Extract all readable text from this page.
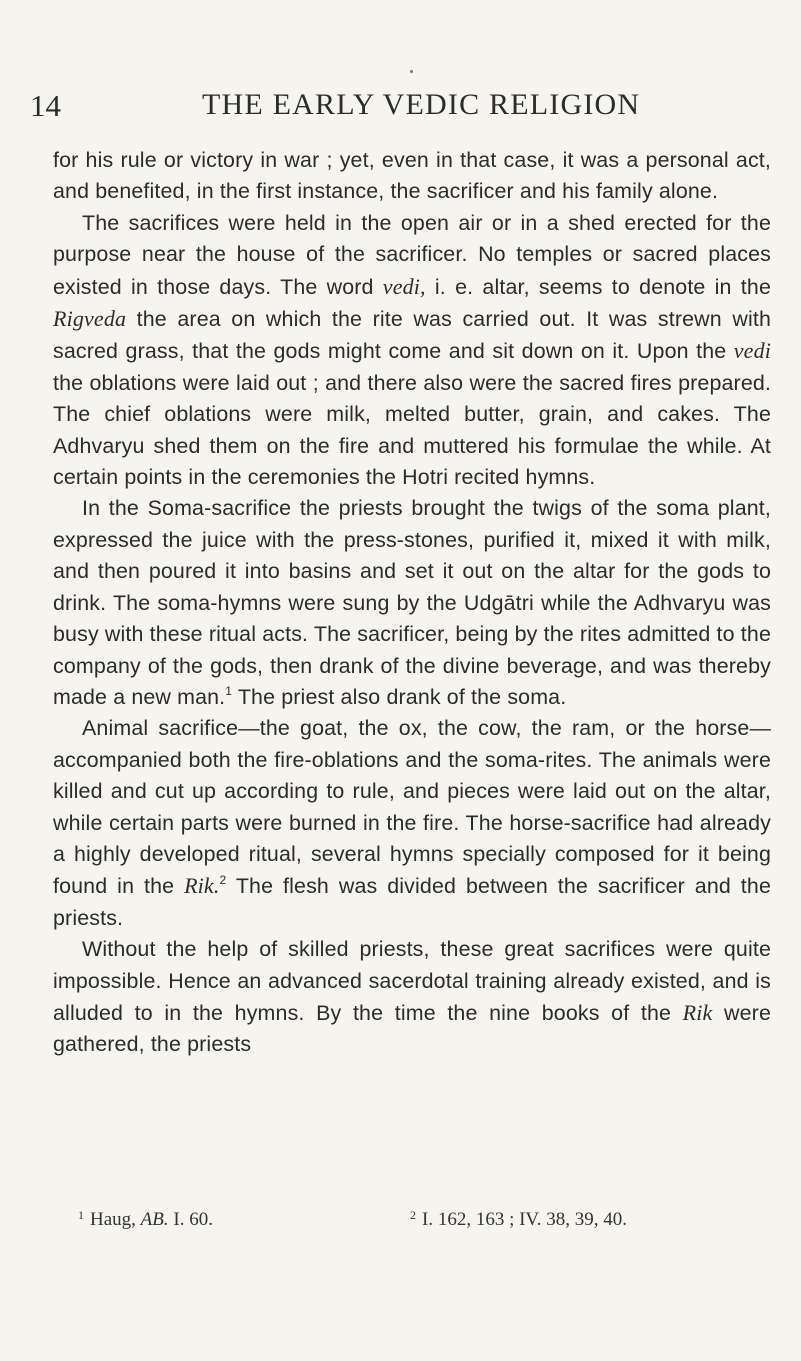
14	THE EARLY VEDIC RELIGION

for his rule or victory in war ; yet, even in that case, it was a personal act, and benefited, in the first instance, the sacrificer and his family alone.

The sacrifices were held in the open air or in a shed erected for the purpose near the house of the sacrificer. No temples or sacred places existed in those days. The word vedi, i. e. altar, seems to denote in the Rigveda the area on which the rite was carried out. It was strewn with sacred grass, that the gods might come and sit down on it. Upon the vedi the oblations were laid out ; and there also were the sacred fires prepared. The chief oblations were milk, melted butter, grain, and cakes. The Adhvaryu shed them on the fire and muttered his formulae the while. At certain points in the ceremonies the Hotri recited hymns.

In the Soma-sacrifice the priests brought the twigs of the soma plant, expressed the juice with the press-stones, purified it, mixed it with milk, and then poured it into basins and set it out on the altar for the gods to drink. The soma-hymns were sung by the Udgātri while the Adhvaryu was busy with these ritual acts. The sacrificer, being by the rites admitted to the company of the gods, then drank of the divine beverage, and was thereby made a new man.$^1$ The priest also drank of the soma.

Animal sacrifice—the goat, the ox, the cow, the ram, or the horse—accompanied both the fire-oblations and the soma-rites. The animals were killed and cut up according to rule, and pieces were laid out on the altar, while certain parts were burned in the fire. The horse-sacrifice had already a highly developed ritual, several hymns specially composed for it being found in the Rik.$^2$ The flesh was divided between the sacrificer and the priests.

Without the help of skilled priests, these great sacrifices were quite impossible. Hence an advanced sacerdotal training already existed, and is alluded to in the hymns. By the time the nine books of the Rik were gathered, the priests

$^1$ Haug, AB. I. 60.	$^2$ I. 162, 163 ; IV. 38, 39, 40.
